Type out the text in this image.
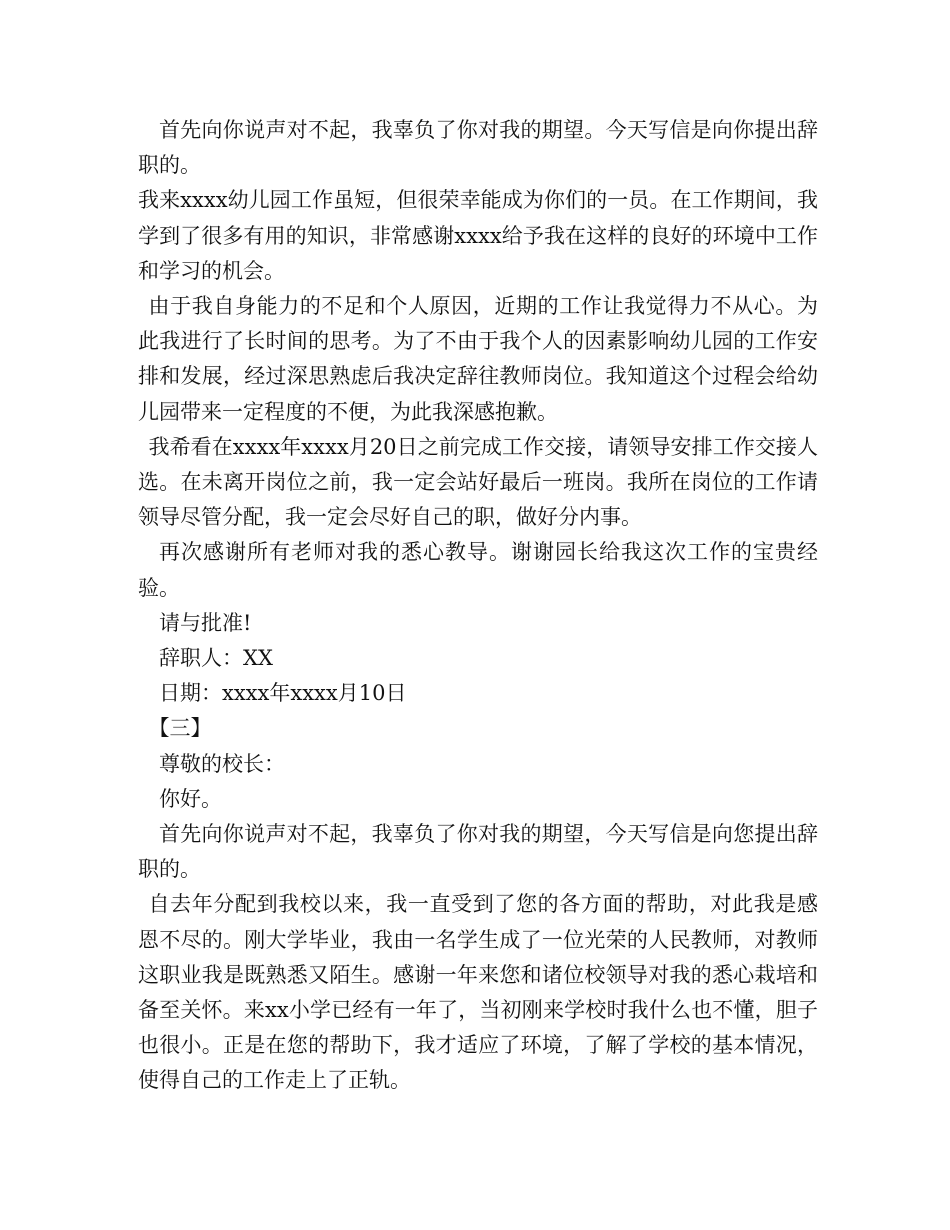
首先向你说声对不起，我辜负了你对我的期望。今天写信是向你提出辞职的。

我来xxxx幼儿园工作虽短，但很荣幸能成为你们的一员。在工作期间，我学到了很多有用的知识，非常感谢xxxx给予我在这样的良好的环境中工作和学习的机会。

由于我自身能力的不足和个人原因，近期的工作让我觉得力不从心。为此我进行了长时间的思考。为了不由于我个人的因素影响幼儿园的工作安排和发展，经过深思熟虑后我决定辞往教师岗位。我知道这个过程会给幼儿园带来一定程度的不便，为此我深感抱歉。

我希看在xxxx年xxxx月20日之前完成工作交接，请领导安排工作交接人选。在未离开岗位之前，我一定会站好最后一班岗。我所在岗位的工作请领导尽管分配，我一定会尽好自己的职，做好分内事。

再次感谢所有老师对我的悉心教导。谢谢园长给我这次工作的宝贵经验。

请与批准!

辞职人：XX

日期：xxxx年xxxx月10日

【三】

尊敬的校长：

你好。

首先向你说声对不起，我辜负了你对我的期望，今天写信是向您提出辞职的。

自去年分配到我校以来，我一直受到了您的各方面的帮助，对此我是感恩不尽的。刚大学毕业，我由一名学生成了一位光荣的人民教师，对教师这职业我是既熟悉又陌生。感谢一年来您和诸位校领导对我的悉心栽培和备至关怀。来xx小学已经有一年了，当初刚来学校时我什么也不懂，胆子也很小。正是在您的帮助下，我才适应了环境，了解了学校的基本情况，使得自己的工作走上了正轨。
